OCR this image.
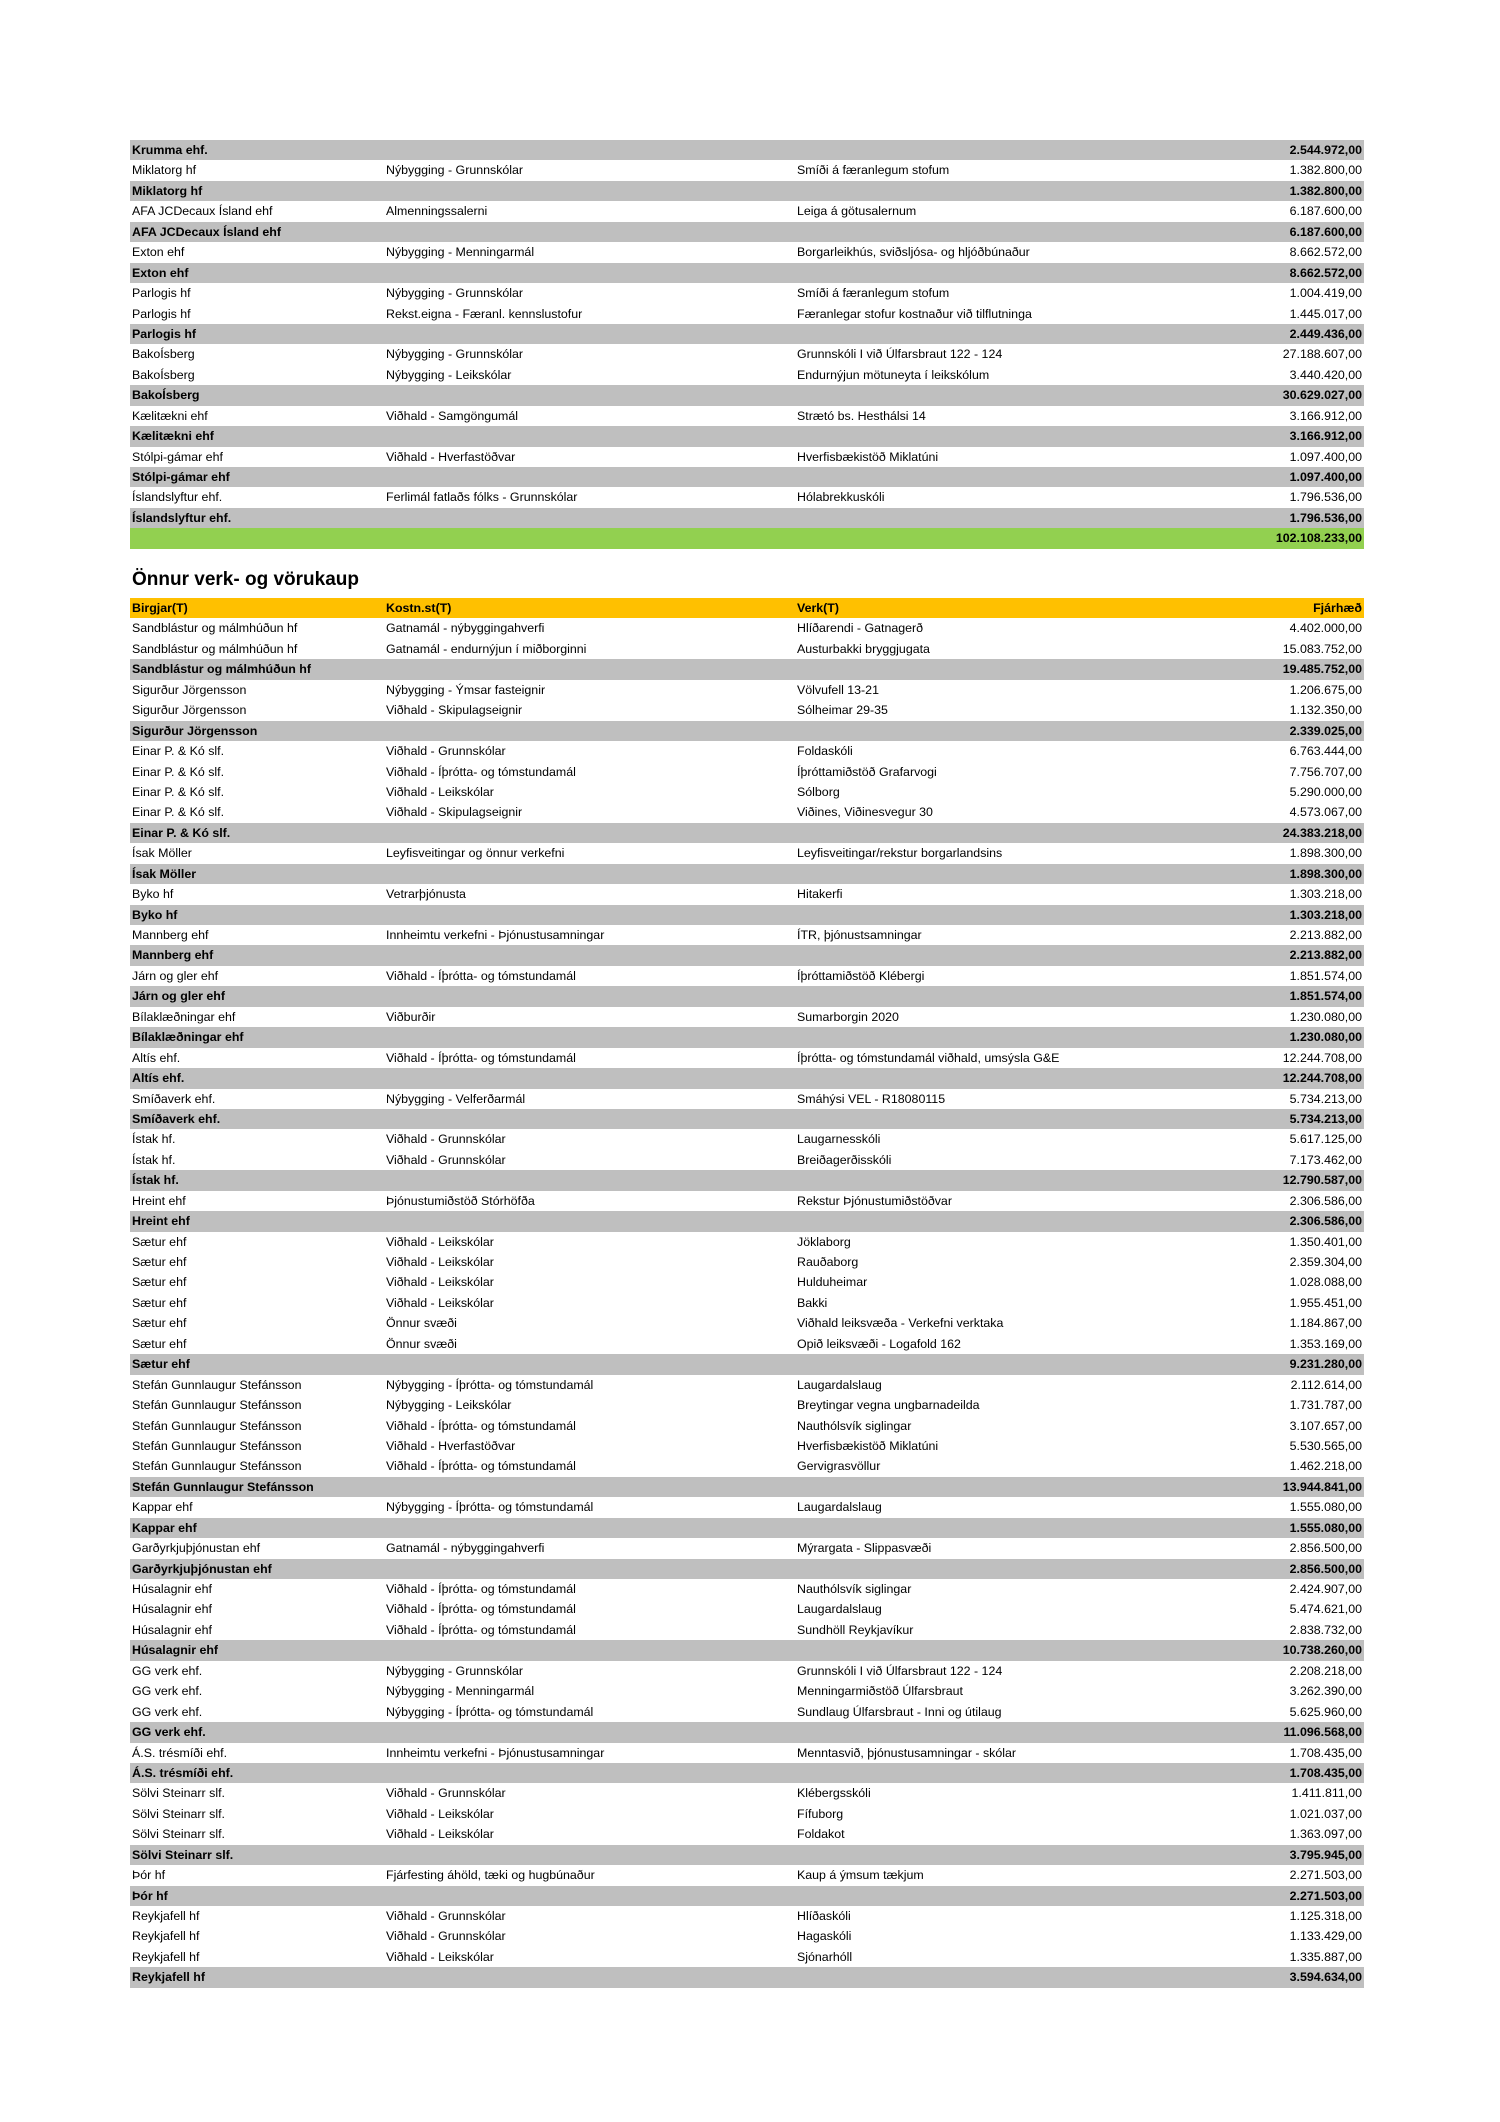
Krumma ehf.	2.544.972,00
Miklatorg hf	Nýbygging - Grunnskólar	Smíði á færanlegum stofum	1.382.800,00
Miklatorg hf	1.382.800,00
AFA JCDecaux Ísland ehf	Almenningssalerni	Leiga á götusalernum	6.187.600,00
AFA JCDecaux Ísland ehf	6.187.600,00
Exton ehf	Nýbygging - Menningarmál	Borgarleikhús, sviðsljósa- og hljóðbúnaður	8.662.572,00
Exton ehf	8.662.572,00
Parlogis hf	Nýbygging - Grunnskólar	Smíði á færanlegum stofum	1.004.419,00
Parlogis hf	Rekst.eigna - Færanl. kennslustofur	Færanlegar stofur kostnaður við tilflutninga	1.445.017,00
Parlogis hf	2.449.436,00
BakoÍsberg	Nýbygging - Grunnskólar	Grunnskóli I við Úlfarsbraut 122 - 124	27.188.607,00
BakoÍsberg	Nýbygging - Leikskólar	Endurnýjun mötuneyta í leikskólum	3.440.420,00
BakoÍsberg	30.629.027,00
Kælitækni ehf	Viðhald - Samgöngumál	Strætó bs. Hesthálsi 14	3.166.912,00
Kælitækni ehf	3.166.912,00
Stólpi-gámar ehf	Viðhald - Hverfastöðvar	Hverfisbækistöð Miklatúni	1.097.400,00
Stólpi-gámar ehf	1.097.400,00
Íslandslyftur ehf.	Ferlimál fatlaðs fólks - Grunnskólar	Hólabrekkuskóli	1.796.536,00
Íslandslyftur ehf.	1.796.536,00
102.108.233,00
Önnur verk- og vörukaup
Birgjar(T)	Kostn.st(T)	Verk(T)	Fjárhæð
Sandblástur og málmhúðun hf	Gatnamál - nýbyggingahverfi	Hlíðarendi - Gatnagerð	4.402.000,00
Sandblástur og málmhúðun hf	Gatnamál - endurnýjun í miðborginni	Austurbakki bryggjugata	15.083.752,00
Sandblástur og málmhúðun hf	19.485.752,00
Sigurður Jörgensson	Nýbygging - Ýmsar fasteignir	Völvufell 13-21	1.206.675,00
Sigurður Jörgensson	Viðhald - Skipulagseignir	Sólheimar 29-35	1.132.350,00
Sigurður Jörgensson	2.339.025,00
Einar P. & Kó slf.	Viðhald - Grunnskólar	Foldaskóli	6.763.444,00
Einar P. & Kó slf.	Viðhald - Íþrótta- og tómstundamál	Íþróttamiðstöð Grafarvogi	7.756.707,00
Einar P. & Kó slf.	Viðhald - Leikskólar	Sólborg	5.290.000,00
Einar P. & Kó slf.	Viðhald - Skipulagseignir	Viðines, Viðinesvegur 30	4.573.067,00
Einar P. & Kó slf.	24.383.218,00
Ísak Möller	Leyfisveitingar og önnur verkefni	Leyfisveitingar/rekstur borgarlandsins	1.898.300,00
Ísak Möller	1.898.300,00
Byko hf	Vetrarþjónusta	Hitakerfi	1.303.218,00
Byko hf	1.303.218,00
Mannberg ehf	Innheimtu verkefni - Þjónustusamningar	ÍTR, þjónustsamningar	2.213.882,00
Mannberg ehf	2.213.882,00
Járn og gler ehf	Viðhald - Íþrótta- og tómstundamál	Íþróttamiðstöð Klébergi	1.851.574,00
Járn og gler ehf	1.851.574,00
Bílaklæðningar ehf	Viðburðir	Sumarborgin 2020	1.230.080,00
Bílaklæðningar ehf	1.230.080,00
Altís ehf.	Viðhald - Íþrótta- og tómstundamál	Íþrótta- og tómstundamál viðhald, umsýsla G&E	12.244.708,00
Altís ehf.	12.244.708,00
Smíðaverk ehf.	Nýbygging - Velferðarmál	Smáhýsi VEL - R18080115	5.734.213,00
Smíðaverk ehf.	5.734.213,00
Ístak hf.	Viðhald - Grunnskólar	Laugarnesskóli	5.617.125,00
Ístak hf.	Viðhald - Grunnskólar	Breiðagerðisskóli	7.173.462,00
Ístak hf.	12.790.587,00
Hreint ehf	Þjónustumiðstöð Stórhöfða	Rekstur Þjónustumiðstöðvar	2.306.586,00
Hreint ehf	2.306.586,00
Sætur ehf	Viðhald - Leikskólar	Jöklaborg	1.350.401,00
Sætur ehf	Viðhald - Leikskólar	Rauðaborg	2.359.304,00
Sætur ehf	Viðhald - Leikskólar	Hulduheimar	1.028.088,00
Sætur ehf	Viðhald - Leikskólar	Bakki	1.955.451,00
Sætur ehf	Önnur svæði	Viðhald leiksvæða - Verkefni verktaka	1.184.867,00
Sætur ehf	Önnur svæði	Opið leiksvæði - Logafold 162	1.353.169,00
Sætur ehf	9.231.280,00
Stefán Gunnlaugur Stefánsson	Nýbygging - Íþrótta- og tómstundamál	Laugardalslaug	2.112.614,00
Stefán Gunnlaugur Stefánsson	Nýbygging - Leikskólar	Breytingar vegna ungbarnadeilda	1.731.787,00
Stefán Gunnlaugur Stefánsson	Viðhald - Íþrótta- og tómstundamál	Nauthólsvík siglingar	3.107.657,00
Stefán Gunnlaugur Stefánsson	Viðhald - Hverfastöðvar	Hverfisbækistöð Miklatúni	5.530.565,00
Stefán Gunnlaugur Stefánsson	Viðhald - Íþrótta- og tómstundamál	Gervigrasvöllur	1.462.218,00
Stefán Gunnlaugur Stefánsson	13.944.841,00
Kappar ehf	Nýbygging - Íþrótta- og tómstundamál	Laugardalslaug	1.555.080,00
Kappar ehf	1.555.080,00
Garðyrkjuþjónustan ehf	Gatnamál - nýbyggingahverfi	Mýrargata - Slippasvæði	2.856.500,00
Garðyrkjuþjónustan ehf	2.856.500,00
Húsalagnir ehf	Viðhald - Íþrótta- og tómstundamál	Nauthólsvík siglingar	2.424.907,00
Húsalagnir ehf	Viðhald - Íþrótta- og tómstundamál	Laugardalslaug	5.474.621,00
Húsalagnir ehf	Viðhald - Íþrótta- og tómstundamál	Sundhöll Reykjavíkur	2.838.732,00
Húsalagnir ehf	10.738.260,00
GG verk ehf.	Nýbygging - Grunnskólar	Grunnskóli I við Úlfarsbraut 122 - 124	2.208.218,00
GG verk ehf.	Nýbygging - Menningarmál	Menningarmiðstöð Úlfarsbraut	3.262.390,00
GG verk ehf.	Nýbygging - Íþrótta- og tómstundamál	Sundlaug Úlfarsbraut - Inni og útilaug	5.625.960,00
GG verk ehf.	11.096.568,00
Á.S. trésmíði ehf.	Innheimtu verkefni - Þjónustusamningar	Menntasvið, þjónustusamningar - skólar	1.708.435,00
Á.S. trésmíði ehf.	1.708.435,00
Sölvi Steinarr slf.	Viðhald - Grunnskólar	Klébergsskóli	1.411.811,00
Sölvi Steinarr slf.	Viðhald - Leikskólar	Fífuborg	1.021.037,00
Sölvi Steinarr slf.	Viðhald - Leikskólar	Foldakot	1.363.097,00
Sölvi Steinarr slf.	3.795.945,00
Þór hf	Fjárfesting áhöld, tæki og hugbúnaður	Kaup á ýmsum tækjum	2.271.503,00
Þór hf	2.271.503,00
Reykjafell hf	Viðhald - Grunnskólar	Hlíðaskóli	1.125.318,00
Reykjafell hf	Viðhald - Grunnskólar	Hagaskóli	1.133.429,00
Reykjafell hf	Viðhald - Leikskólar	Sjónarhóll	1.335.887,00
Reykjafell hf	3.594.634,00
